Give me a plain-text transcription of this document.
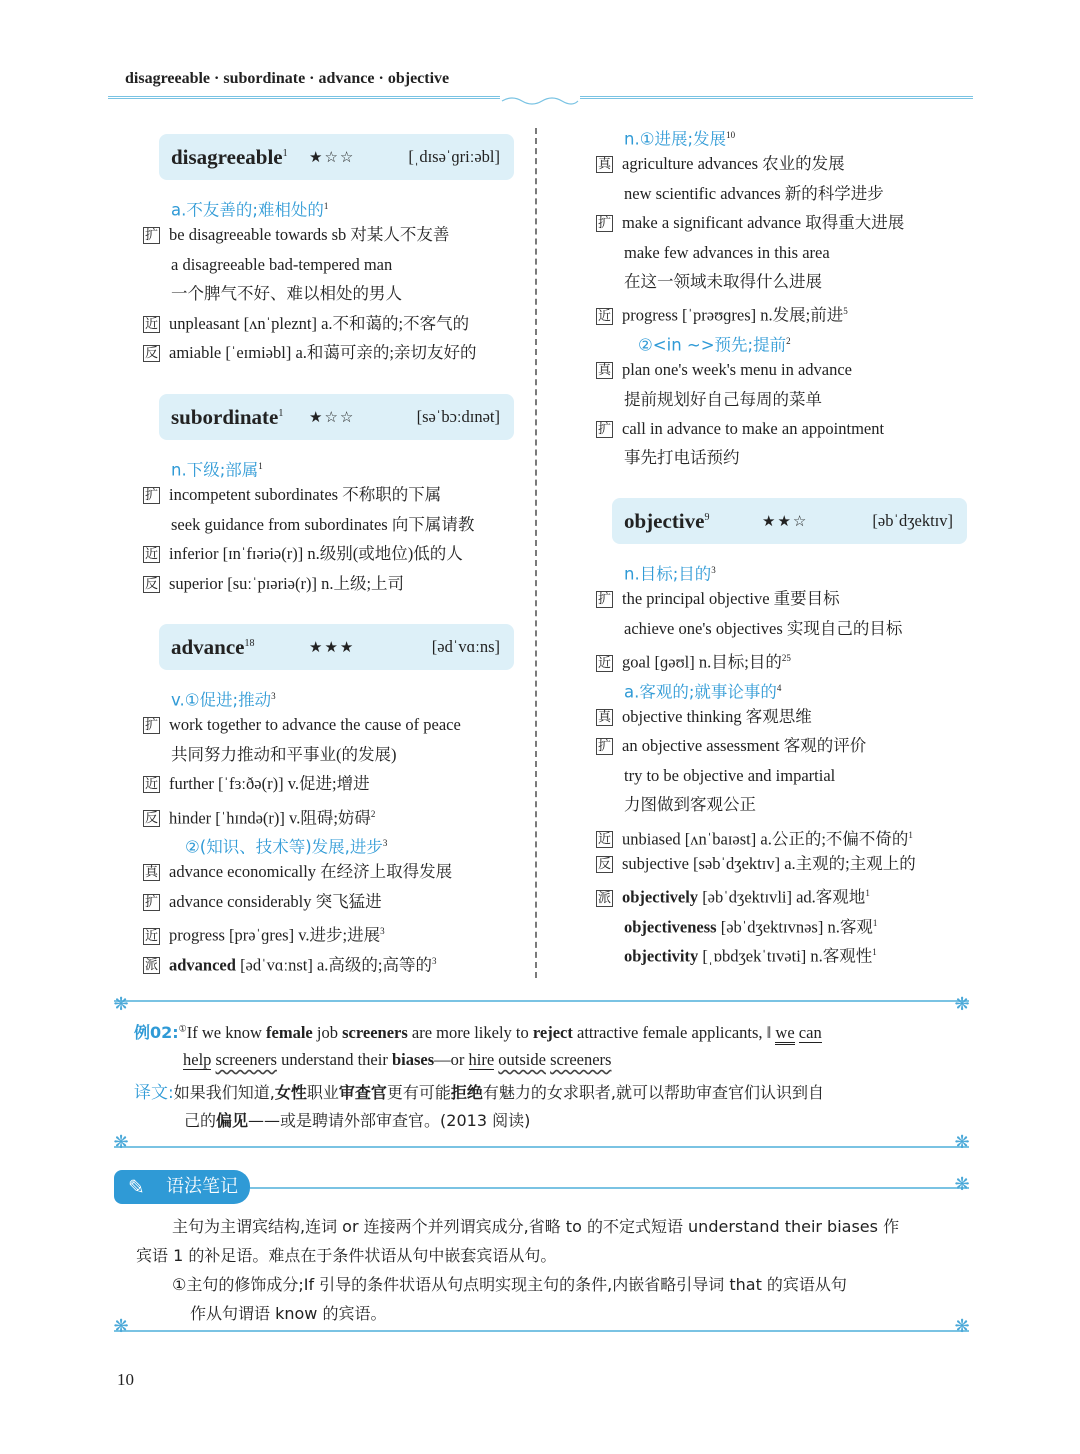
disagreeable · subordinate · advance · objective
disagreeable$^1$ ★☆☆	[ˌdɪsəˈɡriːəbl]
a.不友善的;难相处的$^1$
扩 be disagreeable towards sb 对某人不友善
a disagreeable bad-tempered man
一个脾气不好、难以相处的男人
近 unpleasant [ʌnˈpleznt] a.不和蔼的;不客气的
反 amiable [ˈeɪmiəbl] a.和蔼可亲的;亲切友好的
subordinate$^1$ ★☆☆	[səˈbɔːdɪnət]
n.下级;部属$^1$
扩 incompetent subordinates 不称职的下属
seek guidance from subordinates 向下属请教
近 inferior [ɪnˈfɪəriə(r)] n.级别(或地位)低的人
反 superior [suːˈpɪəriə(r)] n.上级;上司
advance$^{18}$	★★★	[ədˈvɑːns]
v.①促进;推动$^3$
扩 work together to advance the cause of peace
共同努力推动和平事业(的发展)
近 further [ˈfɜːðə(r)] v.促进;增进
反 hinder [ˈhɪndə(r)] v.阻碍;妨碍$^2$
②(知识、技术等)发展,进步$^3$
真 advance economically 在经济上取得发展
扩 advance considerably 突飞猛进
近 progress [prəˈɡres] v.进步;进展$^3$
派 advanced [ədˈvɑːnst] a.高级的;高等的$^3$
n.①进展;发展$^{10}$
真 agriculture advances 农业的发展
new scientific advances 新的科学进步
扩 make a significant advance 取得重大进展
make few advances in this area
在这一领域未取得什么进展
近 progress [ˈprəʊɡres] n.发展;前进$^5$
②<in ~>预先;提前$^2$
真 plan one's week's menu in advance
提前规划好自己每周的菜单
扩 call in advance to make an appointment
事先打电话预约
objective$^9$	★★☆	[əbˈdʒektɪv]
n.目标;目的$^3$
扩 the principal objective 重要目标
achieve one's objectives 实现自己的目标
近 goal [ɡəʊl] n.目标;目的$^{25}$
a.客观的;就事论事的$^4$
真 objective thinking 客观思维
扩 an objective assessment 客观的评价
try to be objective and impartial
力图做到客观公正
近 unbiased [ʌnˈbaɪəst] a.公正的;不偏不倚的$^1$
反 subjective [səbˈdʒektɪv] a.主观的;主观上的
派 objectively [əbˈdʒektɪvli] ad.客观地$^1$
objectiveness [əbˈdʒektɪvnəs] n.客观$^1$
objectivity [ˌɒbdʒekˈtɪvəti] n.客观性$^1$
❋	❋
❋	❋
例02:①If we know female job screeners are more likely to reject attractive female applicants, ‖ we can
help screeners understand their biases—or hire outside screeners
译文:如果我们知道,女性职业审查官更有可能拒绝有魅力的女求职者,就可以帮助审查官们认识到自
己的偏见——或是聘请外部审查官。(2013 阅读)
✎ 语法笔记	❋
❋	❋
主句为主谓宾结构,连词 or 连接两个并列谓宾成分,省略 to 的不定式短语 understand their biases 作
宾语 1 的补足语。难点在于条件状语从句中嵌套宾语从句。
①主句的修饰成分;If 引导的条件状语从句点明实现主句的条件,内嵌省略引导词 that 的宾语从句
作从句谓语 know 的宾语。
10
